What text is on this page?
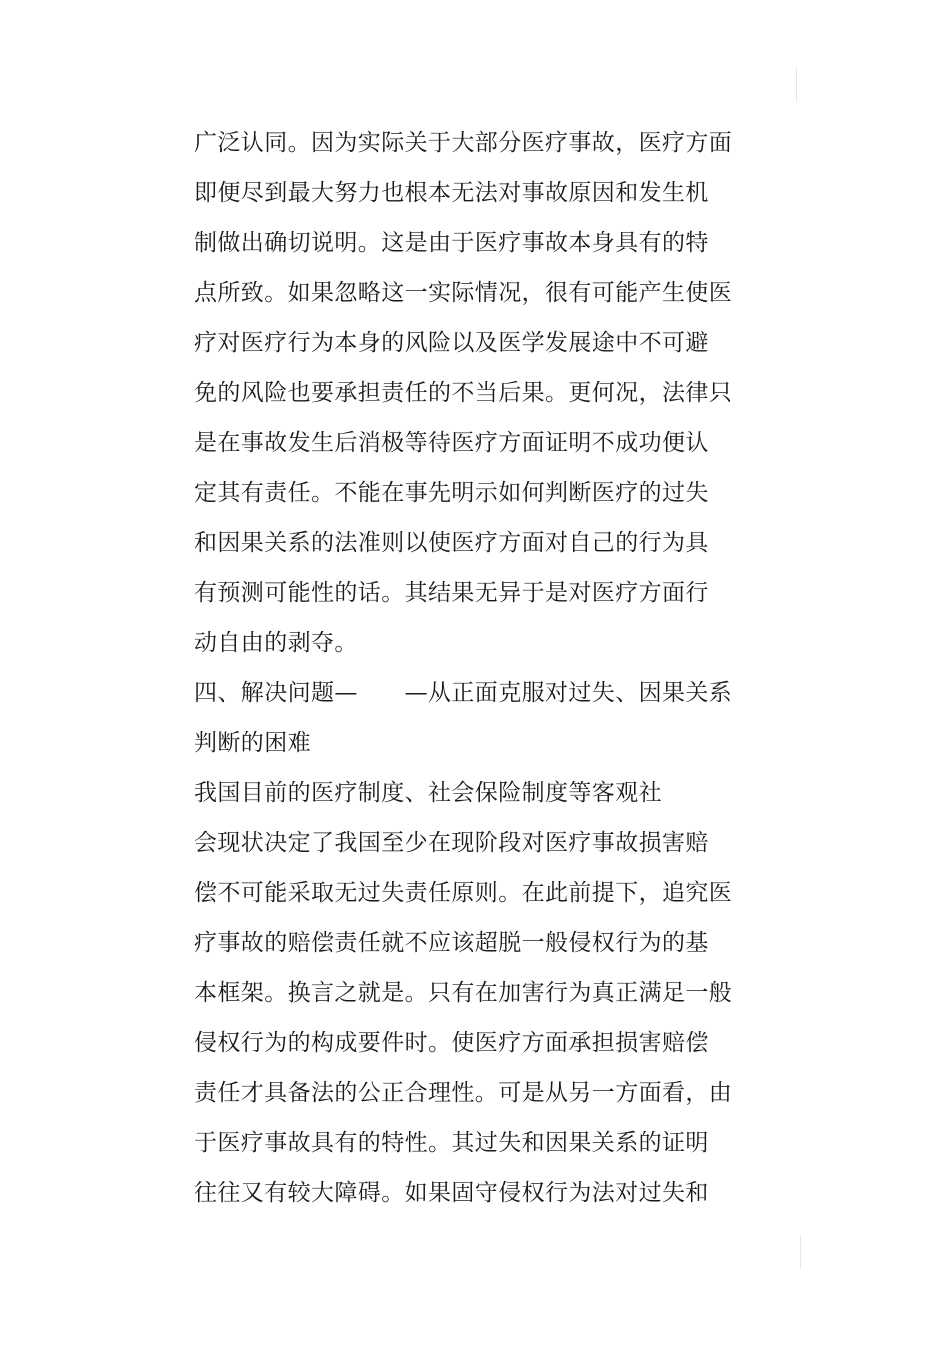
广泛认同。因为实际关于大部分医疗事故，医疗方面
即便尽到最大努力也根本无法对事故原因和发生机
制做出确切说明。这是由于医疗事故本身具有的特
点所致。如果忽略这一实际情况，很有可能产生使医
疗对医疗行为本身的风险以及医学发展途中不可避
免的风险也要承担责任的不当后果。更何况，法律只
是在事故发生后消极等待医疗方面证明不成功便认
定其有责任。不能在事先明示如何判断医疗的过失
和因果关系的法准则以使医疗方面对自己的行为具
有预测可能性的话。其结果无异于是对医疗方面行
动自由的剥夺。
四、解决问题—　　—从正面克服对过失、因果关系
判断的困难
我国目前的医疗制度、社会保险制度等客观社
会现状决定了我国至少在现阶段对医疗事故损害赔
偿不可能采取无过失责任原则。在此前提下，追究医
疗事故的赔偿责任就不应该超脱一般侵权行为的基
本框架。换言之就是。只有在加害行为真正满足一般
侵权行为的构成要件时。使医疗方面承担损害赔偿
责任才具备法的公正合理性。可是从另一方面看，由
于医疗事故具有的特性。其过失和因果关系的证明
往往又有较大障碍。如果固守侵权行为法对过失和
